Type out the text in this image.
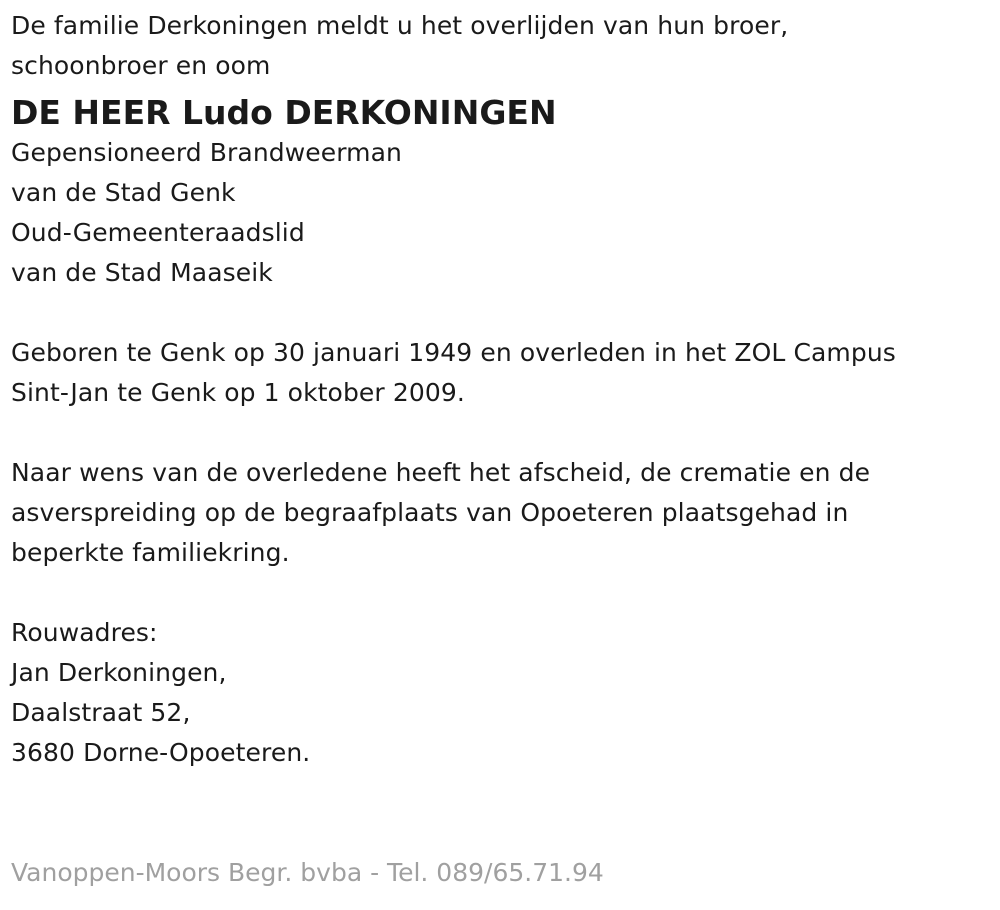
De familie Derkoningen meldt u het overlijden van hun broer,
schoonbroer en oom
DE HEER Ludo DERKONINGEN
Gepensioneerd Brandweerman
van de Stad Genk
Oud-Gemeenteraadslid
van de Stad Maaseik
Geboren te Genk op 30 januari 1949 en overleden in het ZOL Campus
Sint-Jan te Genk op 1 oktober 2009.
Naar wens van de overledene heeft het afscheid, de crematie en de
asverspreiding op de begraafplaats van Opoeteren plaatsgehad in
beperkte familiekring.
Rouwadres:
Jan Derkoningen,
Daalstraat 52,
3680 Dorne-Opoeteren.
Vanoppen-Moors Begr. bvba - Tel. 089/65.71.94
